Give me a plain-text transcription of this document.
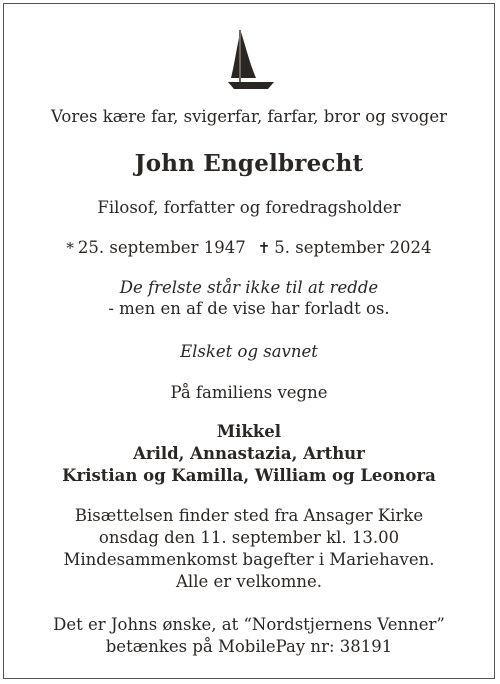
Vores kære far, svigerfar, farfar, bror og svoger
John Engelbrecht
Filosof, forfatter og foredragsholder
* 25. september 1947 ✝ 5. september 2024
De frelste står ikke til at redde
- men en af de vise har forladt os.
Elsket og savnet
På familiens vegne
Mikkel
Arild, Annastazia, Arthur
Kristian og Kamilla, William og Leonora
Bisættelsen finder sted fra Ansager Kirke
onsdag den 11. september kl. 13.00
Mindesammenkomst bagefter i Mariehaven.
Alle er velkomne.
Det er Johns ønske, at “Nordstjernens Venner”
betænkes på MobilePay nr: 38191
